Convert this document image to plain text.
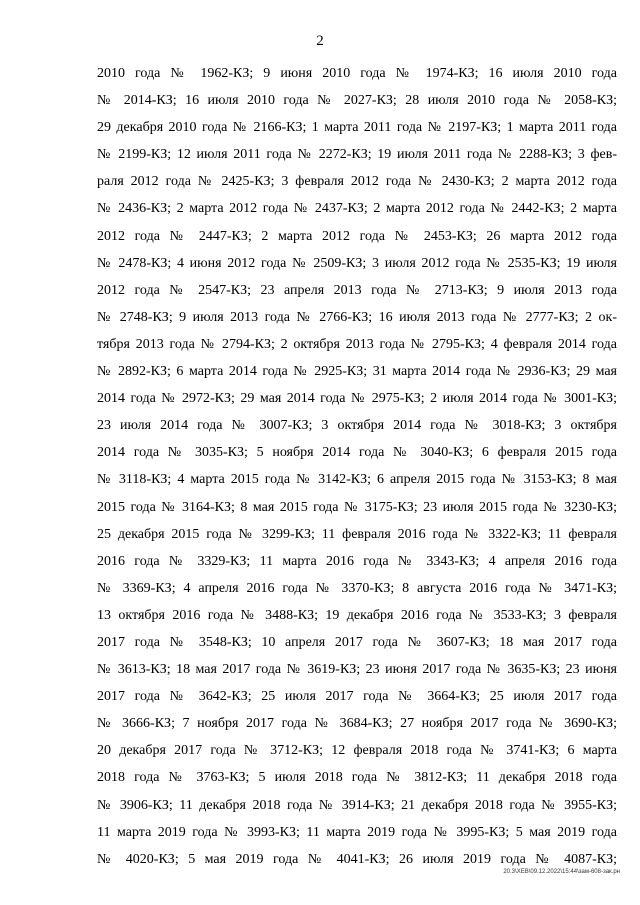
2
2010 года № 1962-КЗ; 9 июня 2010 года № 1974-КЗ; 16 июля 2010 года
№ 2014-КЗ; 16 июля 2010 года № 2027-КЗ; 28 июля 2010 года № 2058-КЗ;
29 декабря 2010 года № 2166-КЗ; 1 марта 2011 года № 2197-КЗ; 1 марта 2011 года
№ 2199-КЗ; 12 июля 2011 года № 2272-КЗ; 19 июля 2011 года № 2288-КЗ; 3 фев-
раля 2012 года № 2425-КЗ; 3 февраля 2012 года № 2430-КЗ; 2 марта 2012 года
№ 2436-КЗ; 2 марта 2012 года № 2437-КЗ; 2 марта 2012 года № 2442-КЗ; 2 марта
2012 года № 2447-КЗ; 2 марта 2012 года № 2453-КЗ; 26 марта 2012 года
№ 2478-КЗ; 4 июня 2012 года № 2509-КЗ; 3 июля 2012 года № 2535-КЗ; 19 июля
2012 года № 2547-КЗ; 23 апреля 2013 года № 2713-КЗ; 9 июля 2013 года
№ 2748-КЗ; 9 июля 2013 года № 2766-КЗ; 16 июля 2013 года № 2777-КЗ; 2 ок-
тября 2013 года № 2794-КЗ; 2 октября 2013 года № 2795-КЗ; 4 февраля 2014 года
№ 2892-КЗ; 6 марта 2014 года № 2925-КЗ; 31 марта 2014 года № 2936-КЗ; 29 мая
2014 года № 2972-КЗ; 29 мая 2014 года № 2975-КЗ; 2 июля 2014 года № 3001-КЗ;
23 июля 2014 года № 3007-КЗ; 3 октября 2014 года № 3018-КЗ; 3 октября
2014 года № 3035-КЗ; 5 ноября 2014 года № 3040-КЗ; 6 февраля 2015 года
№ 3118-КЗ; 4 марта 2015 года № 3142-КЗ; 6 апреля 2015 года № 3153-КЗ; 8 мая
2015 года № 3164-КЗ; 8 мая 2015 года № 3175-КЗ; 23 июля 2015 года № 3230-КЗ;
25 декабря 2015 года № 3299-КЗ; 11 февраля 2016 года № 3322-КЗ; 11 февраля
2016 года № 3329-КЗ; 11 марта 2016 года № 3343-КЗ; 4 апреля 2016 года
№ 3369-КЗ; 4 апреля 2016 года № 3370-КЗ; 8 августа 2016 года № 3471-КЗ;
13 октября 2016 года № 3488-КЗ; 19 декабря 2016 года № 3533-КЗ; 3 февраля
2017 года № 3548-КЗ; 10 апреля 2017 года № 3607-КЗ; 18 мая 2017 года
№ 3613-КЗ; 18 мая 2017 года № 3619-КЗ; 23 июня 2017 года № 3635-КЗ; 23 июня
2017 года № 3642-КЗ; 25 июля 2017 года № 3664-КЗ; 25 июля 2017 года
№ 3666-КЗ; 7 ноября 2017 года № 3684-КЗ; 27 ноября 2017 года № 3690-КЗ;
20 декабря 2017 года № 3712-КЗ; 12 февраля 2018 года № 3741-КЗ; 6 марта
2018 года № 3763-КЗ; 5 июля 2018 года № 3812-КЗ; 11 декабря 2018 года
№ 3906-КЗ; 11 декабря 2018 года № 3914-КЗ; 21 декабря 2018 года № 3955-КЗ;
11 марта 2019 года № 3993-КЗ; 11 марта 2019 года № 3995-КЗ; 5 мая 2019 года
№ 4020-КЗ; 5 мая 2019 года № 4041-КЗ; 26 июля 2019 года № 4087-КЗ;
20.3\XEB\09.12.2022\15:44\зам-608-зак.рн
